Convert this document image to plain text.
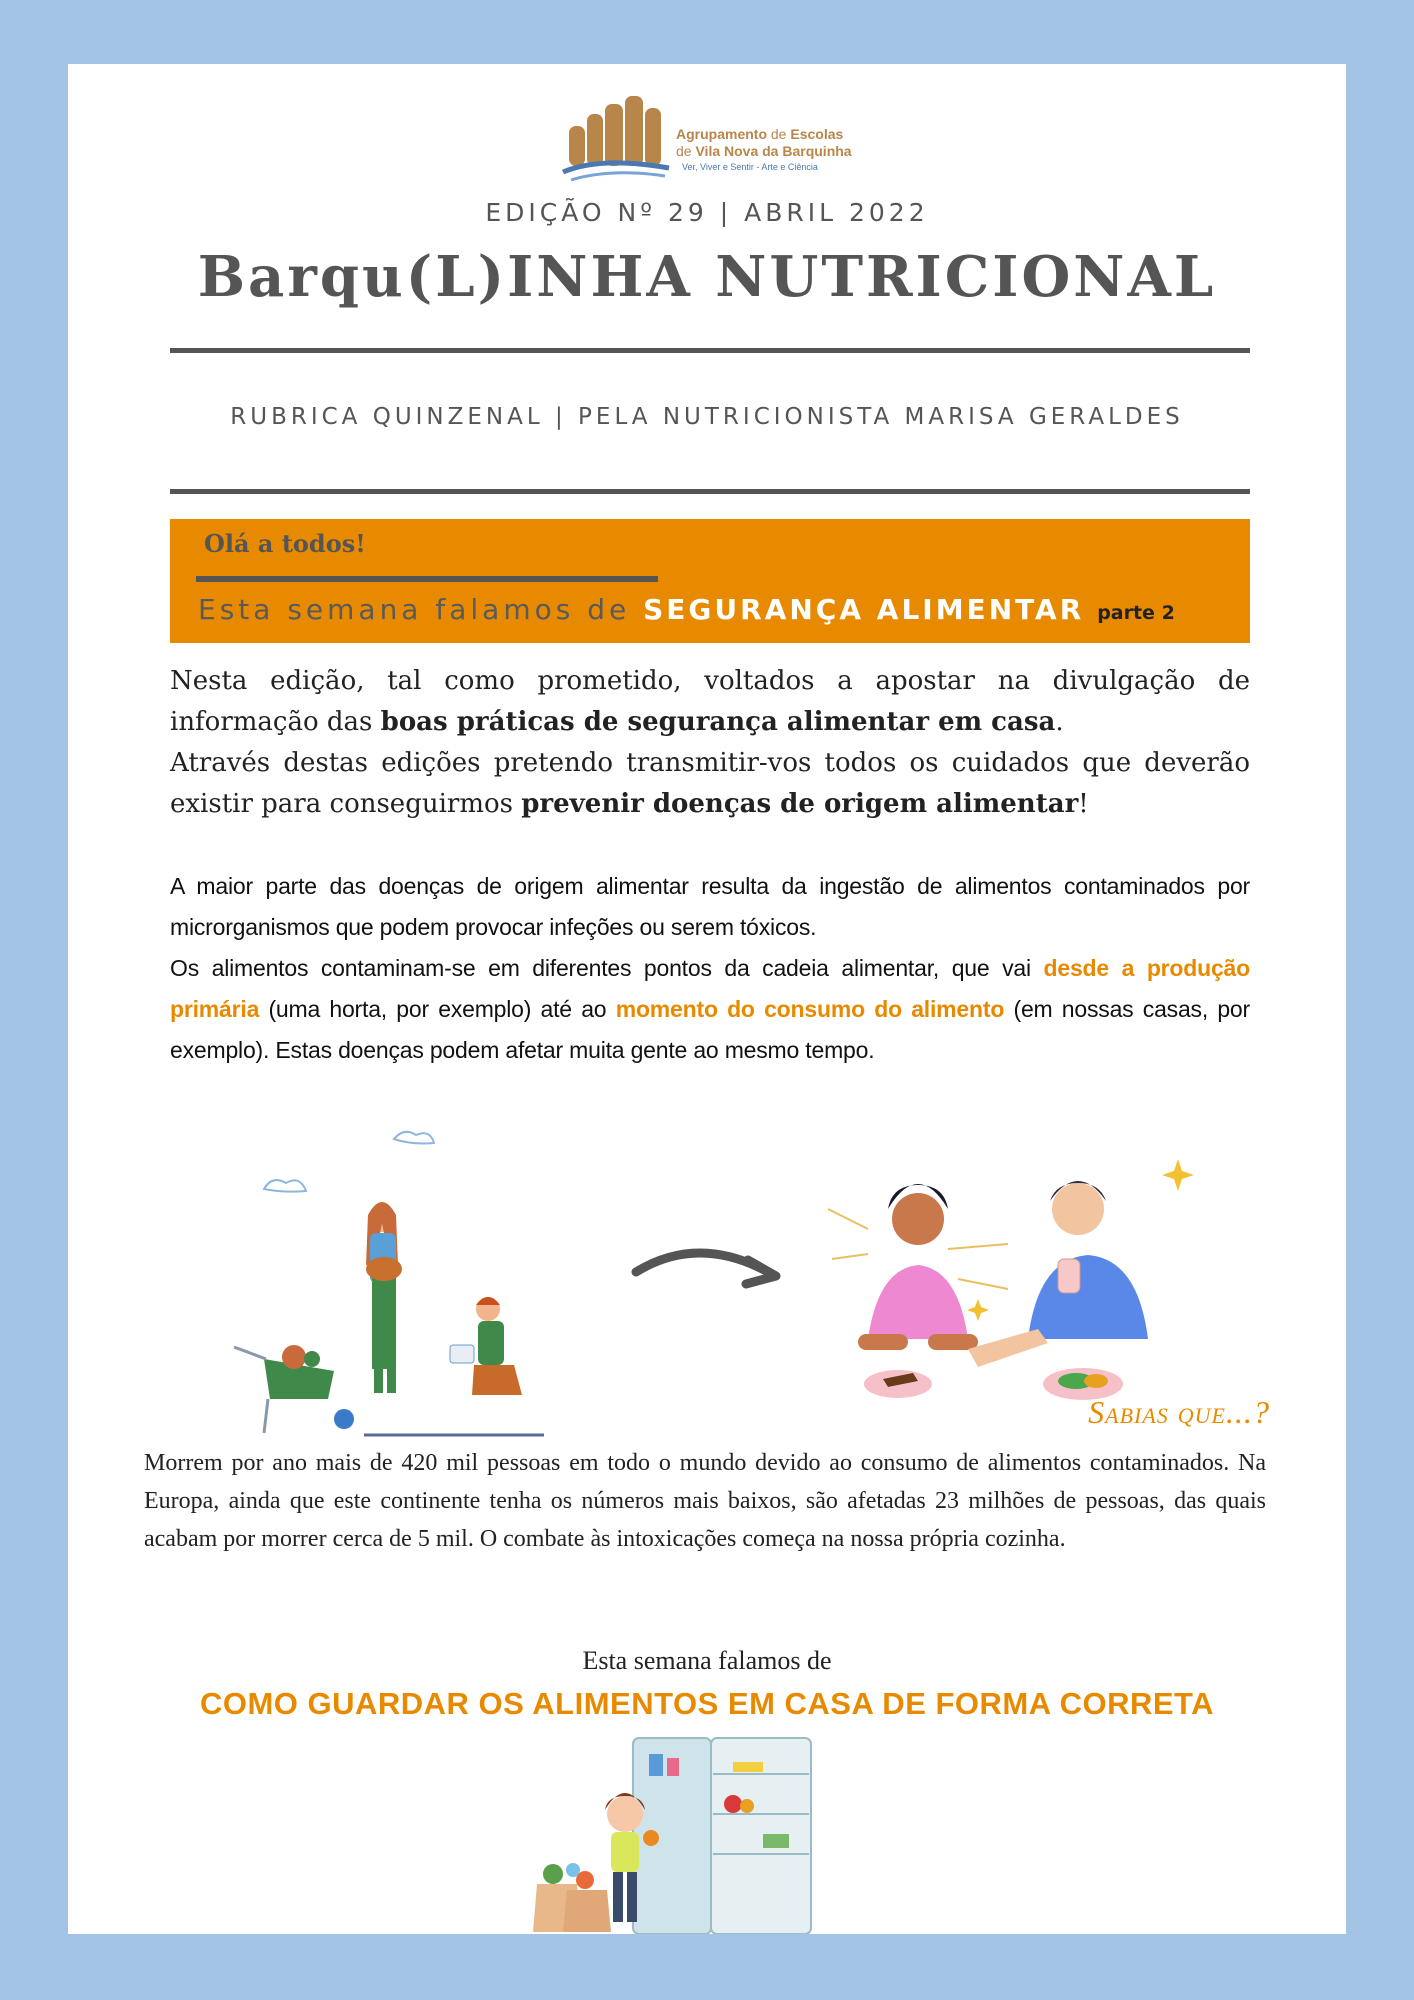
Agrupamento de Escolas
de Vila Nova da Barquinha
Ver, Viver e Sentir - Arte e Ciência
EDIÇÃO Nº 29 | ABRIL 2022
Barqu(L)INHA NUTRICIONAL
RUBRICA QUINZENAL | PELA NUTRICIONISTA MARISA GERALDES
Olá a todos!
Esta semana falamos de SEGURANÇA ALIMENTAR parte 2

Nesta edição, tal como prometido, voltados a apostar na divulgação de informação das boas práticas de segurança alimentar em casa.

Através destas edições pretendo transmitir-vos todos os cuidados que deverão existir para conseguirmos prevenir doenças de origem alimentar!

A maior parte das doenças de origem alimentar resulta da ingestão de alimentos contaminados por microrganismos que podem provocar infeções ou serem tóxicos.

Os alimentos contaminam-se em diferentes pontos da cadeia alimentar, que vai desde a produção primária (uma horta, por exemplo) até ao momento do consumo do alimento (em nossas casas, por exemplo). Estas doenças podem afetar muita gente ao mesmo tempo.

Sabias que...?

Morrem por ano mais de 420 mil pessoas em todo o mundo devido ao consumo de alimentos contaminados. Na Europa, ainda que este continente tenha os números mais baixos, são afetadas 23 milhões de pessoas, das quais acabam por morrer cerca de 5 mil. O combate às intoxicações começa na nossa própria cozinha.

Esta semana falamos de
COMO GUARDAR OS ALIMENTOS EM CASA DE FORMA CORRETA
